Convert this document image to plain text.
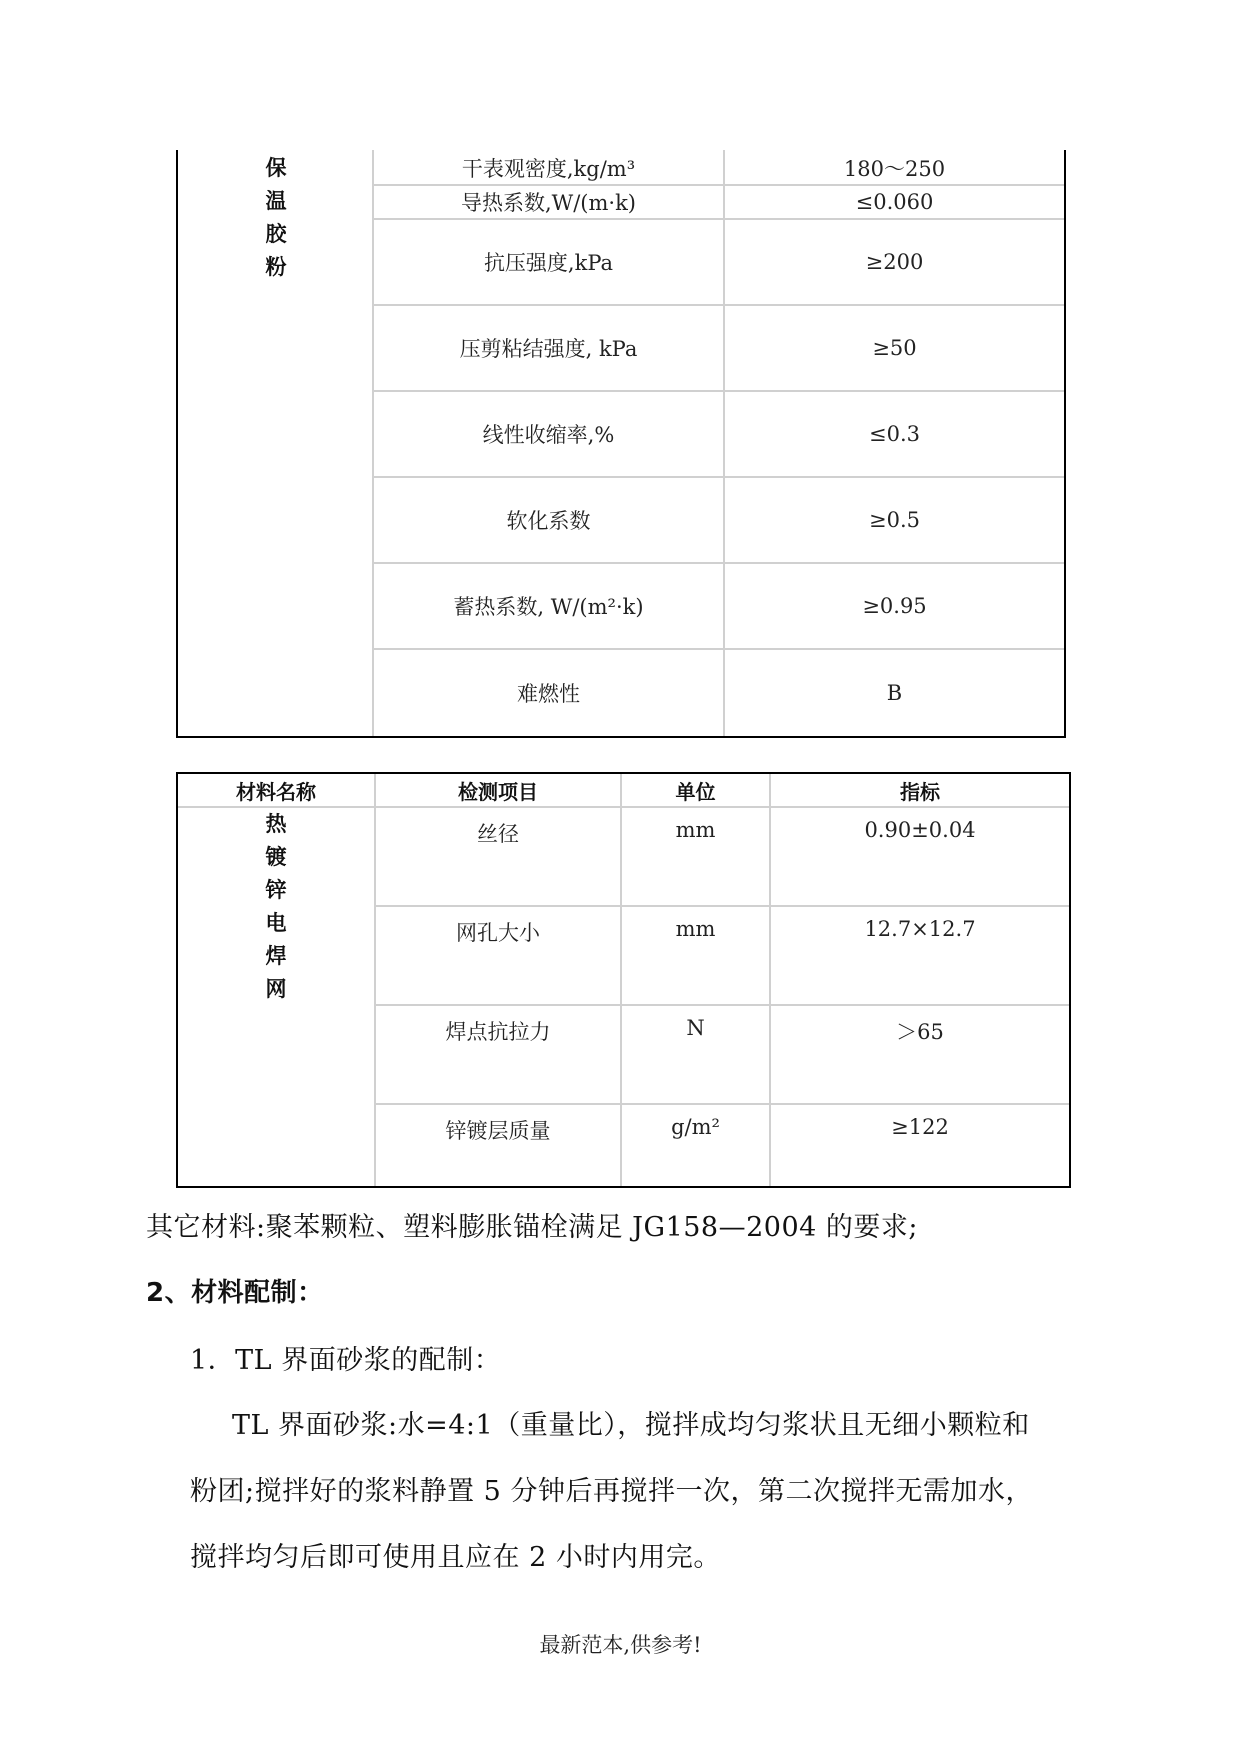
保
温
胶
粉
干表观密度,kg/m³	180～250
导热系数,W/(m·k)	≤0.060
抗压强度,kPa	≥200
压剪粘结强度, kPa	≥50
线性收缩率,%	≤0.3
软化系数	≥0.5
蓄热系数, W/(m²·k)	≥0.95
难燃性	B
材料名称	检测项目	单位	指标
热
镀
锌
电
焊
网
丝径	mm	0.90±0.04
网孔大小	mm	12.7×12.7
焊点抗拉力	N	＞65
锌镀层质量	g/m²	≥122
其它材料:聚苯颗粒、塑料膨胀锚栓满足 JG158—2004 的要求;
2、材料配制：
1．TL 界面砂浆的配制：
TL 界面砂浆:水=4:1（重量比），搅拌成均匀浆状且无细小颗粒和
粉团;搅拌好的浆料静置 5 分钟后再搅拌一次，第二次搅拌无需加水，
搅拌均匀后即可使用且应在 2 小时内用完。
最新范本,供参考!
